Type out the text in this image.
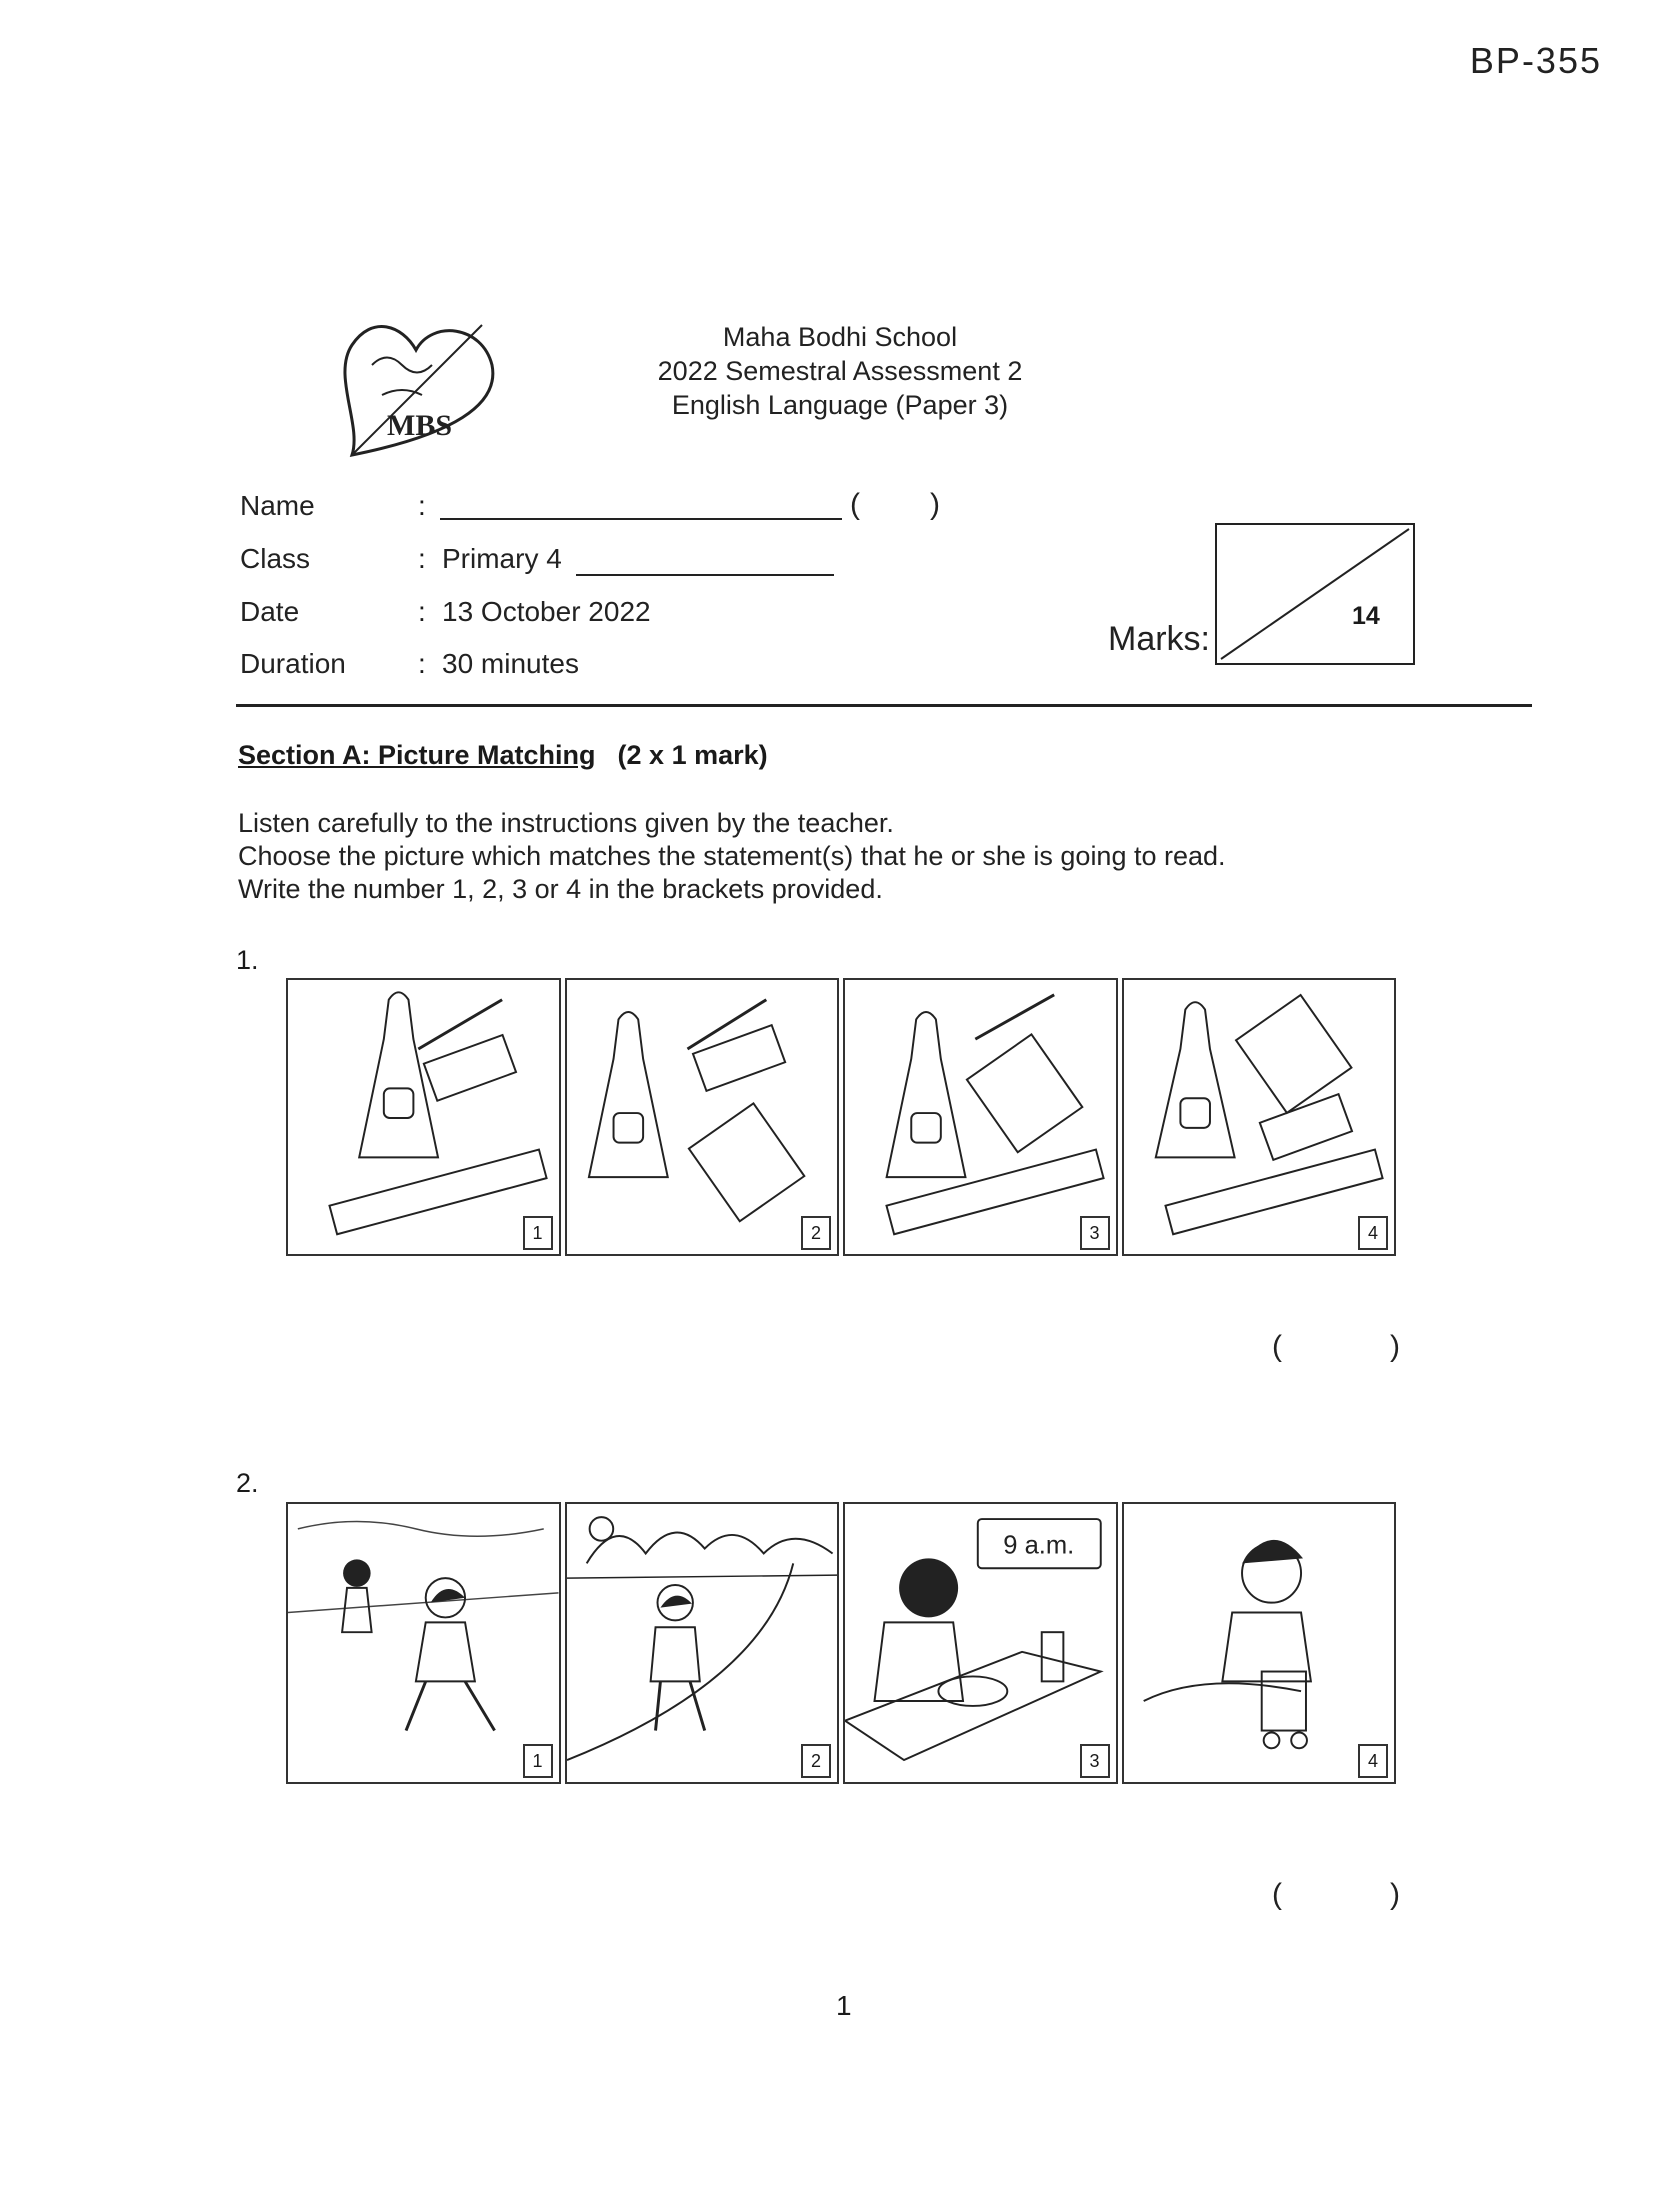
BP-355
MBS
Maha Bodhi School
2022 Semestral Assessment 2
English Language (Paper 3)
Name	:	( )
Class	: Primary 4
Date	: 13 October 2022
Duration	: 30 minutes
Marks:
14
Section A: Picture Matching (2 x 1 mark)
Listen carefully to the instructions given by the teacher.
Choose the picture which matches the statement(s) that he or she is going to read.
Write the number 1, 2, 3 or 4 in the brackets provided.
1.
1	2	3	4
(	)
2.
1	2
9 a.m.
3	4
(	)
1
